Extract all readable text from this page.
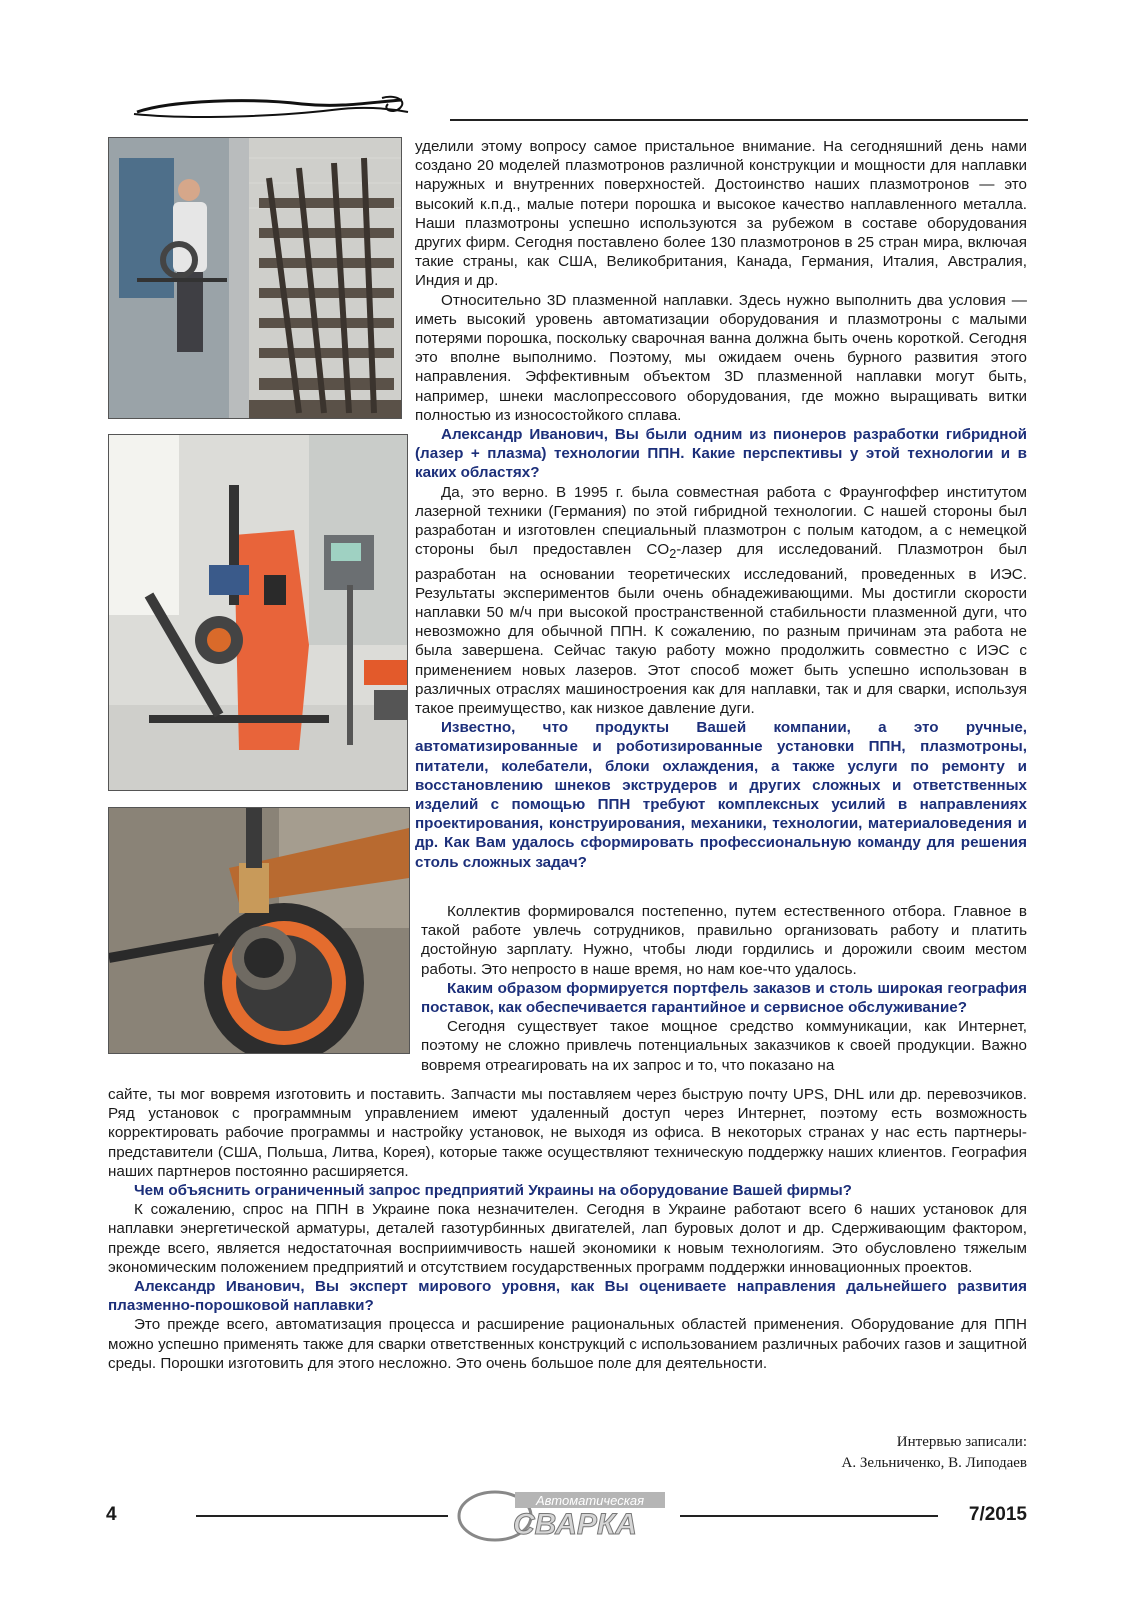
уделили этому вопросу самое пристальное внимание. На сегодняшний день нами создано 20 моделей плазмотронов различной конструкции и мощности для наплавки наружных и внутренних поверхностей. Достоинство наших плазмотронов — это высокий к.п.д., малые потери порошка и высокое качество наплавленного металла. Наши плазмотроны успешно используются за рубежом в составе оборудования других фирм. Сегодня поставлено более 130 плазмотронов в 25 стран мира, включая такие страны, как США, Великобритания, Канада, Германия, Италия, Австралия, Индия и др.

Относительно 3D плазменной наплавки. Здесь нужно выполнить два условия — иметь высокий уровень автоматизации оборудования и плазмотроны с малыми потерями порошка, поскольку сварочная ванна должна быть очень короткой. Сегодня это вполне выполнимо. Поэтому, мы ожидаем очень бурного развития этого направления. Эффективным объектом 3D плазменной наплавки могут быть, например, шнеки маслопрессового оборудования, где можно выращивать витки полностью из износостойкого сплава.

Александр Иванович, Вы были одним из пионеров разработки гибридной (лазер + плазма) технологии ППН. Какие перспективы у этой технологии и в каких областях?

Да, это верно. В 1995 г. была совместная работа с Фраунгоффер институтом лазерной техники (Германия) по этой гибридной технологии. С нашей стороны был разработан и изготовлен специальный плазмотрон с полым катодом, а с немецкой стороны был предоставлен $CO_2$-лазер для исследований. Плазмотрон был разработан на основании теоретических исследований, проведенных в ИЭС. Результаты экспериментов были очень обнадеживающими. Мы достигли скорости наплавки 50 м/ч при высокой пространственной стабильности плазменной дуги, что невозможно для обычной ППН. К сожалению, по разным причинам эта работа не была завершена. Сейчас такую работу можно продолжить совместно с ИЭС с применением новых лазеров. Этот способ может быть успешно использован в различных отраслях машиностроения как для наплавки, так и для сварки, используя такое преимущество, как низкое давление дуги.

Известно, что продукты Вашей компании, а это ручные, автоматизированные и роботизированные установки ППН, плазмотроны, питатели, колебатели, блоки охлаждения, а также услуги по ремонту и восстановлению шнеков экструдеров и других сложных и ответственных изделий с помощью ППН требуют комплексных усилий в направлениях проектирования, конструирования, механики, технологии, материаловедения и др. Как Вам удалось сформировать профессиональную команду для решения столь сложных задач?

Коллектив формировался постепенно, путем естественного отбора. Главное в такой работе увлечь сотрудников, правильно организовать работу и платить достойную зарплату. Нужно, чтобы люди гордились и дорожили своим местом работы. Это непросто в наше время, но нам кое-что удалось.

Каким образом формируется портфель заказов и столь широкая география поставок, как обеспечивается гарантийное и сервисное обслуживание?

Сегодня существует такое мощное средство коммуникации, как Интернет, поэтому не сложно привлечь потенциальных заказчиков к своей продукции. Важно вовремя отреагировать на их запрос и то, что показано на

сайте, ты мог вовремя изготовить и поставить. Запчасти мы поставляем через быструю почту UPS, DHL или др. перевозчиков. Ряд установок с программным управлением имеют удаленный доступ через Интернет, поэтому есть возможность корректировать рабочие программы и настройку установок, не выходя из офиса. В некоторых странах у нас есть партнеры-представители (США, Польша, Литва, Корея), которые также осуществляют техническую поддержку наших клиентов. География наших партнеров постоянно расширяется.

Чем объяснить ограниченный запрос предприятий Украины на оборудование Вашей фирмы?

К сожалению, спрос на ППН в Украине пока незначителен. Сегодня в Украине работают всего 6 наших установок для наплавки энергетической арматуры, деталей газотурбинных двигателей, лап буровых долот и др. Сдерживающим фактором, прежде всего, является недостаточная восприимчивость нашей экономики к новым технологиям. Это обусловлено тяжелым экономическим положением предприятий и отсутствием государственных программ поддержки инновационных проектов.

Александр Иванович, Вы эксперт мирового уровня, как Вы оцениваете направления дальнейшего развития плазменно-порошковой наплавки?

Это прежде всего, автоматизация процесса и расширение рациональных областей применения. Оборудование для ППН можно успешно применять также для сварки ответственных конструкций с использованием различных рабочих газов и защитной среды. Порошки изготовить для этого несложно. Это очень большое поле для деятельности.

Интервью записали:
А. Зельниченко, В. Липодаев
4
Автоматическая
СВАРКА	7/2015
